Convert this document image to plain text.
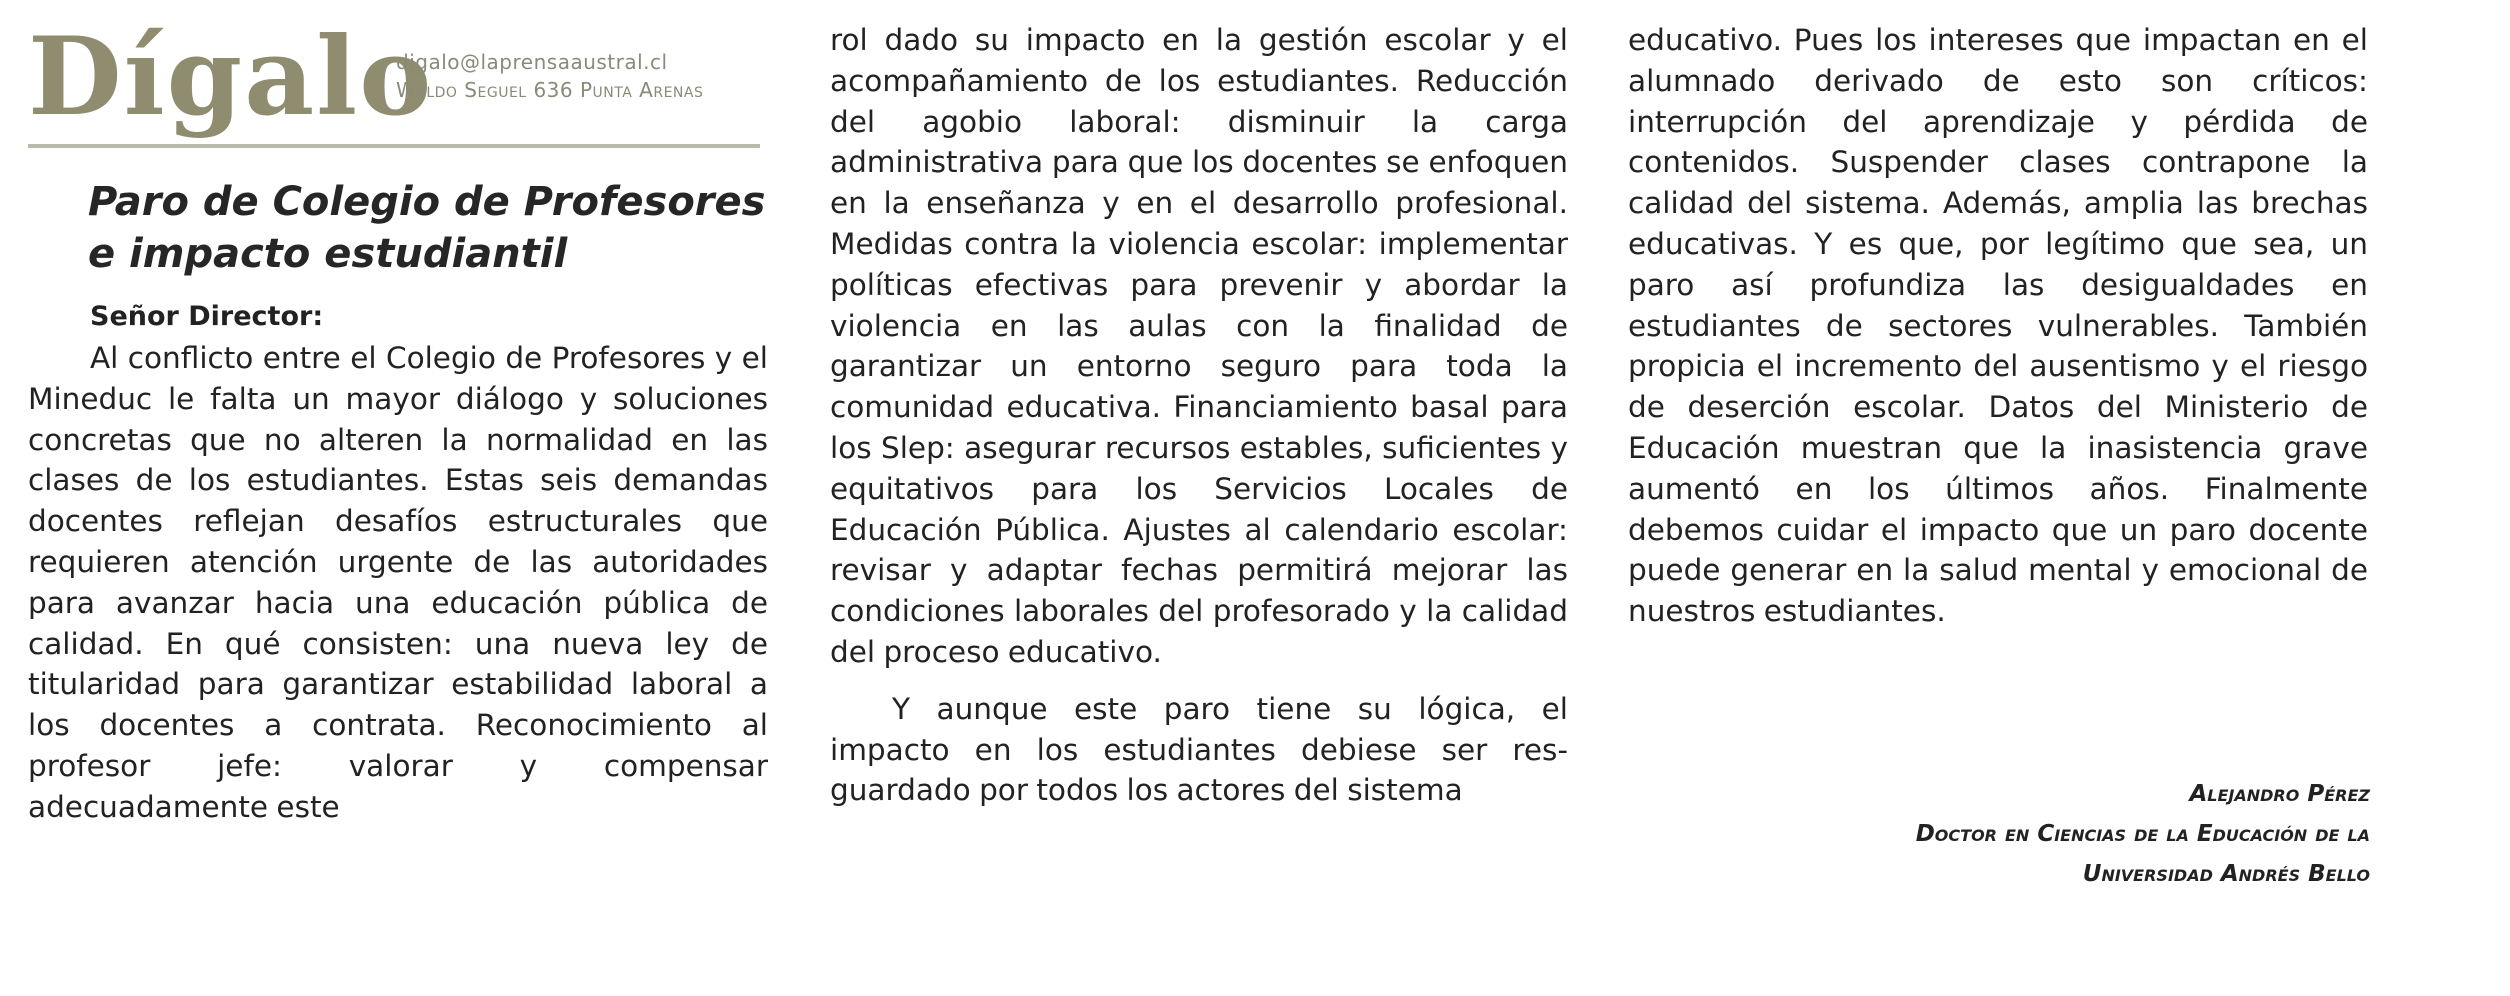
Dígalo
digalo@laprensaaustral.cl
Waldo Seguel 636 Punta Arenas
Paro de Colegio de Profesores
e impacto estudiantil
Señor Director:

Al conflicto entre el Colegio de Profesores y el Mineduc le falta un mayor diálogo y soluciones concretas que no alteren la normalidad en las clases de los estudiantes. Estas seis demandas docentes reflejan desafíos estructurales que requieren atención urgente de las autoridades para avanzar hacia una educación pública de calidad. En qué consisten: una nueva ley de titularidad para garantizar estabilidad laboral a los docentes a contrata. Reconocimiento al profesor jefe: valorar y compensar adecuadamente este

rol dado su impacto en la gestión escolar y el acompañamiento de los estudiantes. Reducción del agobio laboral: disminuir la carga administrativa para que los docentes se enfoquen en la enseñanza y en el desarrollo profesional. Medidas contra la violencia escolar: implementar políticas efectivas para prevenir y abordar la violencia en las aulas con la finalidad de garantizar un entorno seguro para toda la comunidad educativa. Financiamiento basal para los Slep: asegurar recursos estables, suficientes y equitativos para los Servicios Locales de Educación Pública. Ajustes al calendario escolar: revisar y adaptar fechas permitirá mejorar las condiciones laborales del profesorado y la calidad del proceso educativo.

Y aunque este paro tiene su lógica, el impacto en los estudiantes debiese ser resguardado por todos los actores del sistema

educativo. Pues los intereses que impactan en el alumnado derivado de esto son críticos: interrupción del aprendizaje y pérdida de contenidos. Suspender clases contrapone la calidad del sistema. Además, amplia las brechas educativas. Y es que, por legítimo que sea, un paro así profundiza las desigualdades en estudiantes de sectores vulnerables. También propicia el incremento del ausentismo y el riesgo de deserción escolar. Datos del Ministerio de Educación muestran que la inasistencia grave aumentó en los últimos años. Finalmente debemos cuidar el impacto que un paro docente puede generar en la salud mental y emocional de nuestros estudiantes.

Alejandro Pérez
Doctor en Ciencias de la Educación de la
Universidad Andrés Bello
